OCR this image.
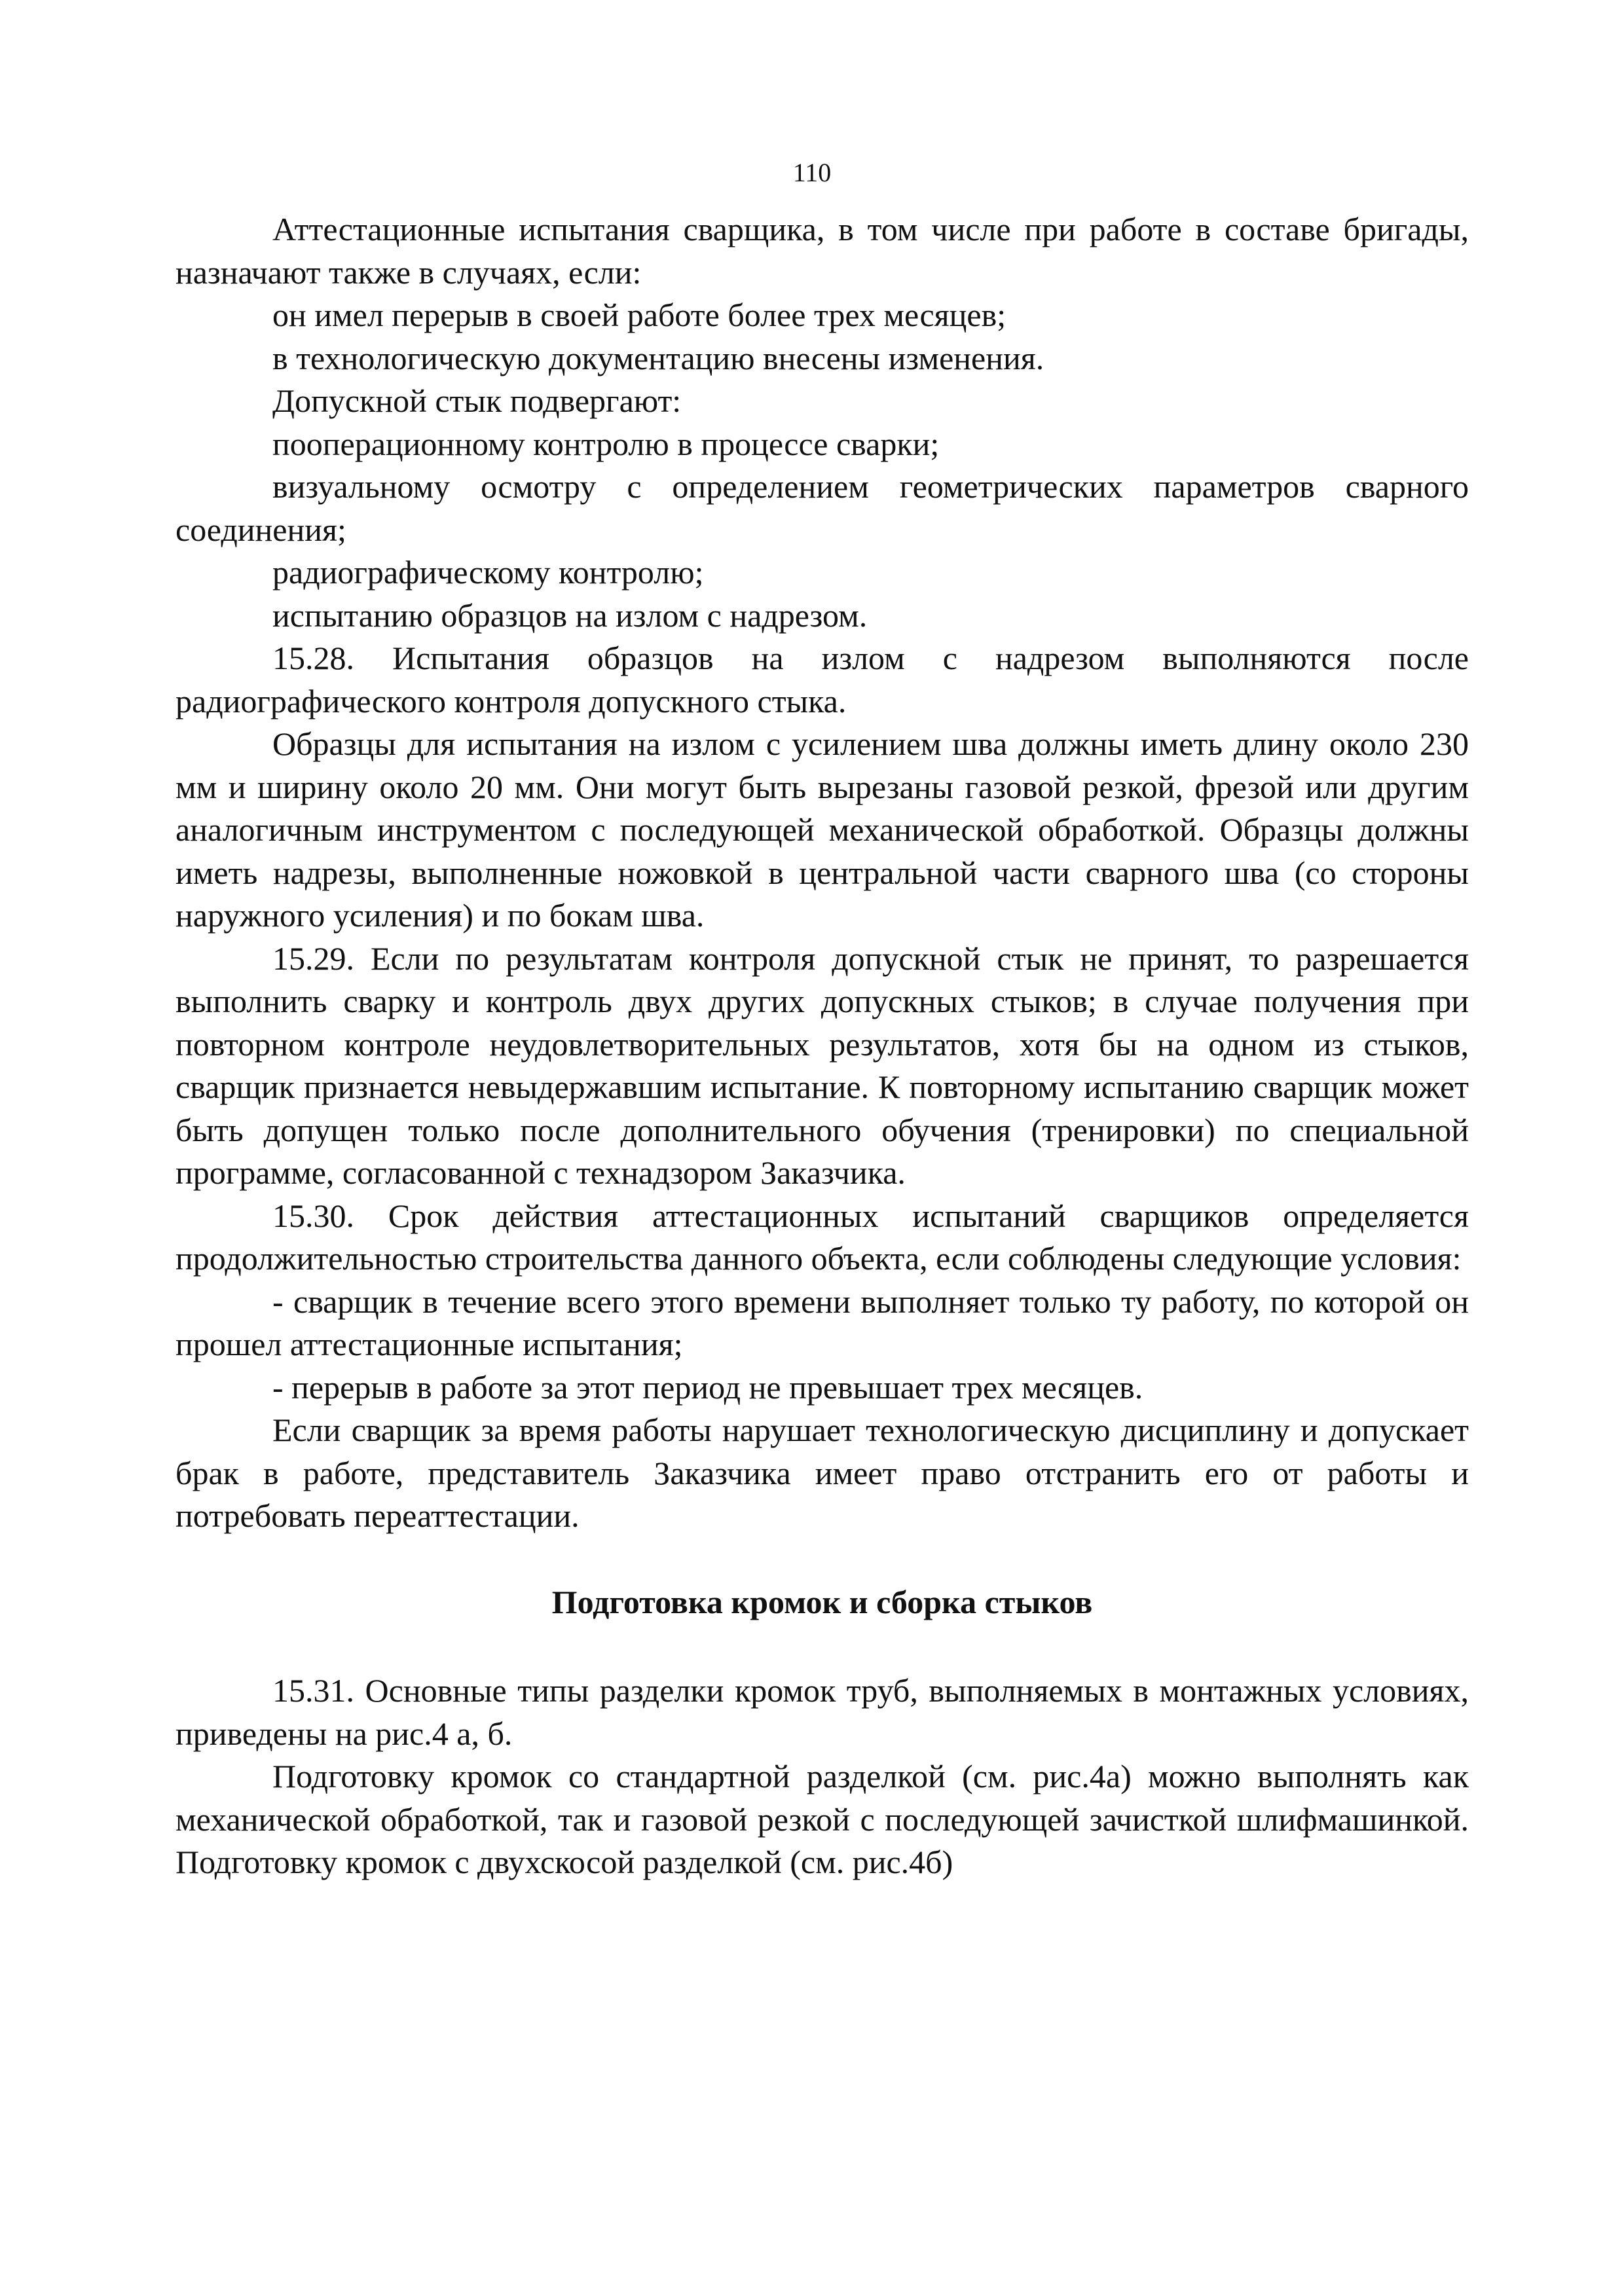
110

Аттестационные испытания сварщика, в том числе при работе в составе бригады, назначают также в случаях, если:

он имел перерыв в своей работе более трех месяцев;

в технологическую документацию внесены изменения.

Допускной стык подвергают:

пооперационному контролю в процессе сварки;

визуальному осмотру с определением геометрических параметров сварного соединения;

радиографическому контролю;

испытанию образцов на излом с надрезом.

15.28. Испытания образцов на излом с надрезом выполняются после радиографического контроля допускного стыка.

Образцы для испытания на излом с усилением шва должны иметь длину около 230 мм и ширину около 20 мм. Они могут быть вырезаны газовой резкой, фрезой или другим аналогичным инструментом с последующей механической обработкой. Образцы должны иметь надрезы, выполненные ножовкой в центральной части сварного шва (со стороны наружного усиления) и по бокам шва.

15.29. Если по результатам контроля допускной стык не принят, то разрешается выполнить сварку и контроль двух других допускных стыков; в случае получения при повторном контроле неудовлетворительных результатов, хотя бы на одном из стыков, сварщик признается невыдержавшим испытание. К повторному испытанию сварщик может быть допущен только после дополнительного обучения (тренировки) по специальной программе, согласованной с технадзором Заказчика.

15.30. Срок действия аттестационных испытаний сварщиков определяется продолжительностью строительства данного объекта, если соблюдены следующие условия:

- сварщик в течение всего этого времени выполняет только ту работу, по которой он прошел аттестационные испытания;

- перерыв в работе за этот период не превышает трех месяцев.

Если сварщик за время работы нарушает технологическую дисциплину и допускает брак в работе, представитель Заказчика имеет право отстранить его от работы и потребовать переаттестации.

Подготовка кромок и сборка стыков

15.31. Основные типы разделки кромок труб, выполняемых в монтажных условиях, приведены на рис.4 а, б.

Подготовку кромок со стандартной разделкой (см. рис.4а) можно выполнять как механической обработкой, так и газовой резкой с последующей зачисткой шлифмашинкой. Подготовку кромок с двухскосой разделкой (см. рис.4б)
